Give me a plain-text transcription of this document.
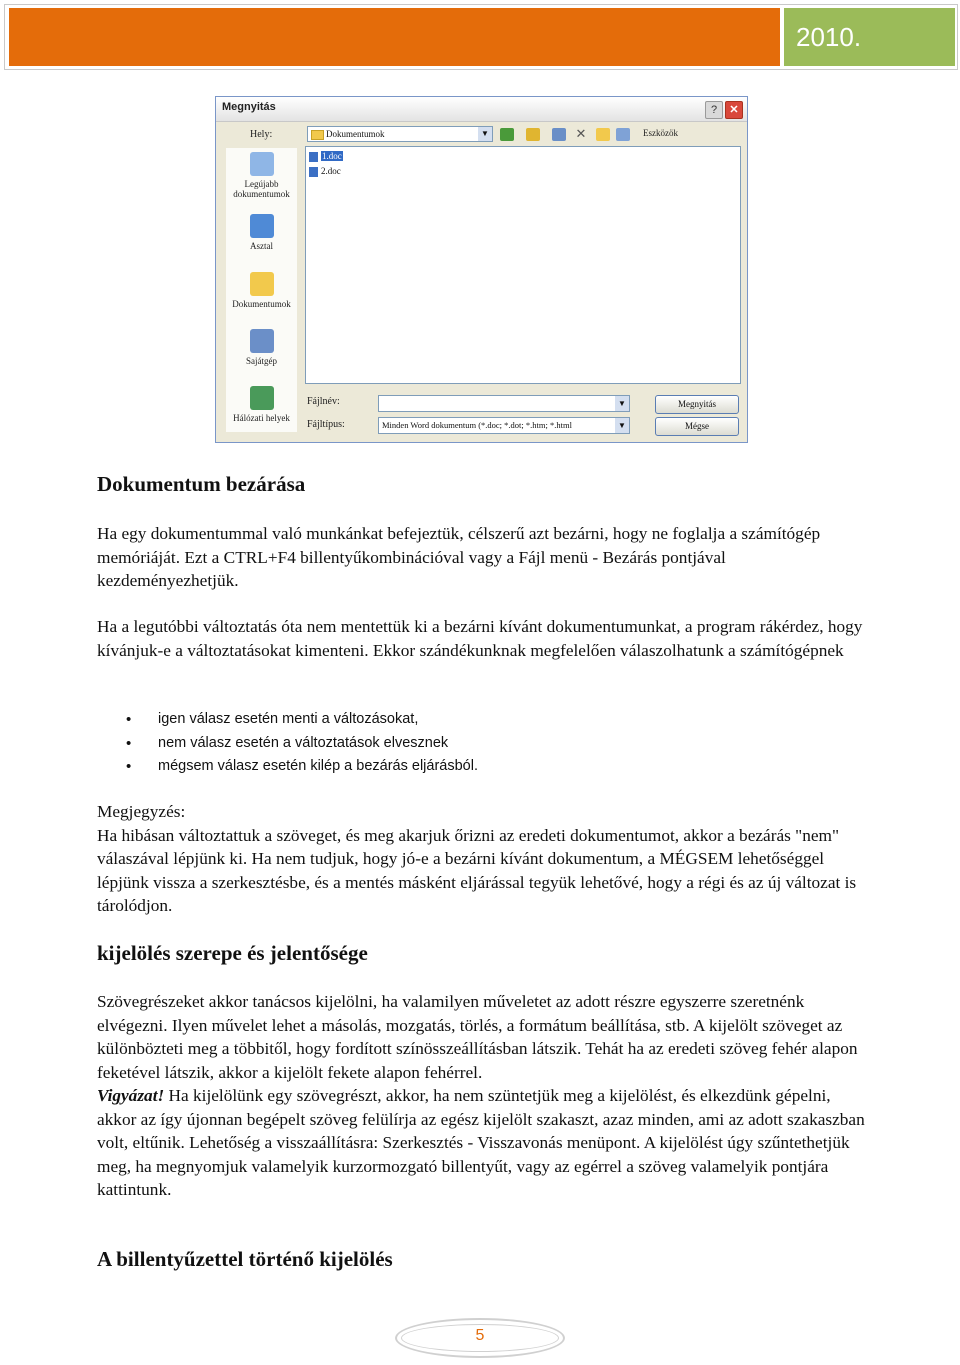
2010.
Megnyitás	?	✕
Hely:	Dokumentumok	▼	✕	Eszközök
Legújabb dokumentumok
Asztal
Dokumentumok
Sajátgép
Hálózati helyek
1.doc
2.doc
Fájlnév:	▼
Fájltípus:	Minden Word dokumentum (*.doc; *.dot; *.htm; *.html	▼
Megnyitás
Mégse
Dokumentum bezárása

Ha egy dokumentummal való munkánkat befejeztük, célszerű azt bezárni, hogy ne foglalja a számítógép memóriáját. Ezt a CTRL+F4 billentyűkombinációval vagy a Fájl menü - Bezárás pontjával kezdeményezhetjük.

Ha a legutóbbi változtatás óta nem mentettük ki a bezárni kívánt dokumentumunkat, a program rákérdez, hogy kívánjuk-e a változtatásokat kimenteni. Ekkor szándékunknak megfelelően válaszolhatunk a számítógépnek

• igen válasz esetén menti a változásokat,
• nem válasz esetén a változtatások elvesznek
• mégsem válasz esetén kilép a bezárás eljárásból.

Megjegyzés:
Ha hibásan változtattuk a szöveget, és meg akarjuk őrizni az eredeti dokumentumot, akkor a bezárás "nem" válaszával lépjünk ki. Ha nem tudjuk, hogy jó-e a bezárni kívánt dokumentum, a MÉGSEM lehetőséggel lépjünk vissza a szerkesztésbe, és a mentés másként eljárással tegyük lehetővé, hogy a régi és az új változat is tárolódjon.

kijelölés szerepe és jelentősége

Szövegrészeket akkor tanácsos kijelölni, ha valamilyen műveletet az adott részre egyszerre szeretnénk elvégezni. Ilyen művelet lehet a másolás, mozgatás, törlés, a formátum beállítása, stb. A kijelölt szöveget az különbözteti meg a többitől, hogy fordított színösszeállításban látszik. Tehát ha az eredeti szöveg fehér alapon feketével látszik, akkor a kijelölt fekete alapon fehérrel.
Vigyázat! Ha kijelölünk egy szövegrészt, akkor, ha nem szüntetjük meg a kijelölést, és elkezdünk gépelni, akkor az így újonnan begépelt szöveg felülírja az egész kijelölt szakaszt, azaz minden, ami az adott szakaszban volt, eltűnik. Lehetőség a visszaállításra: Szerkesztés - Visszavonás menüpont. A kijelölést úgy szűntethetjük meg, ha megnyomjuk valamelyik kurzormozgató billentyűt, vagy az egérrel a szöveg valamelyik pontjára kattintunk.

A billentyűzettel történő kijelölés
5
